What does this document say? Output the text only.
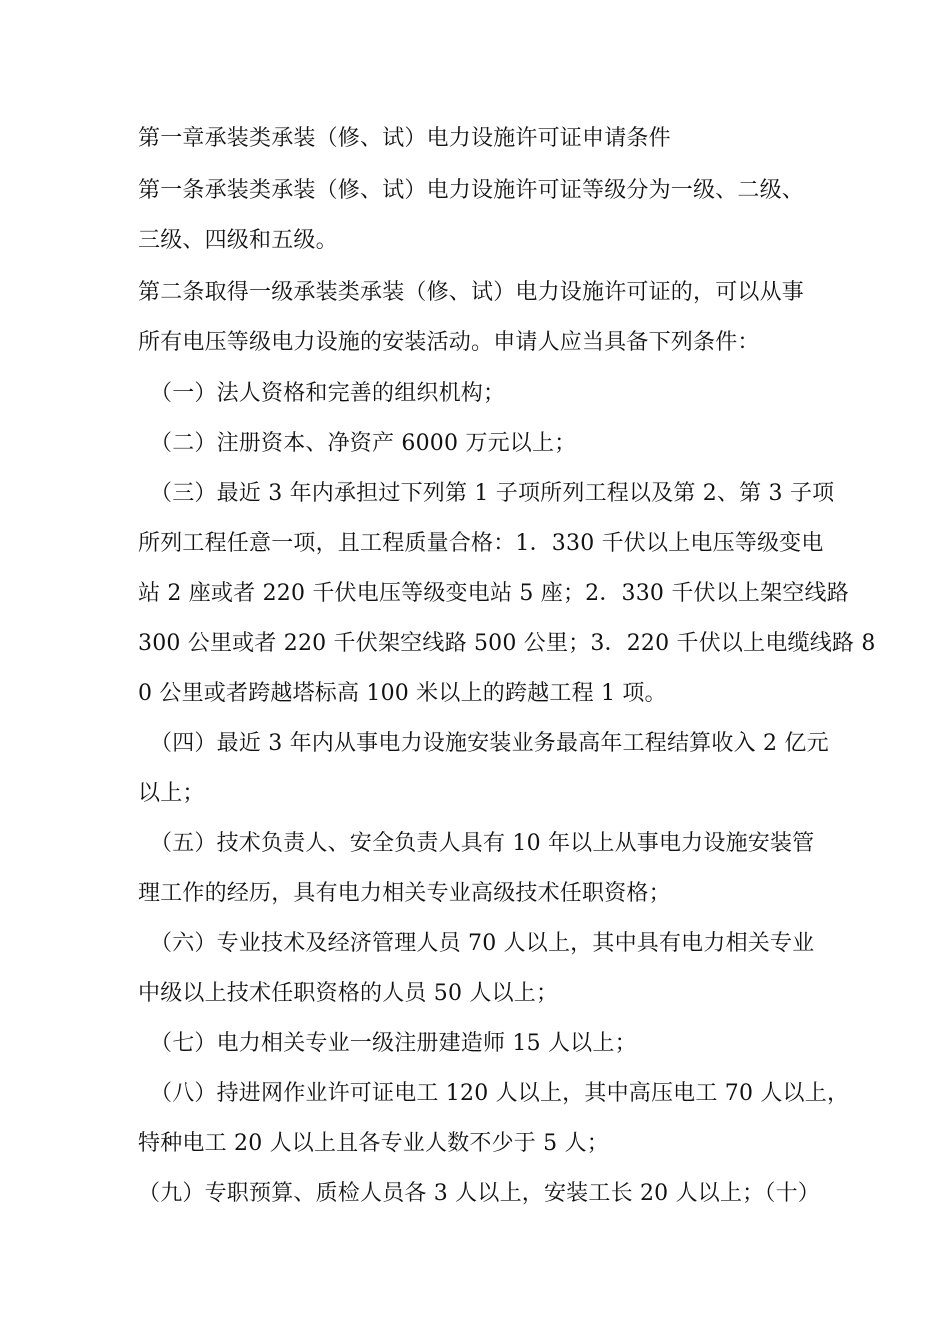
第一章承装类承装（修、试）电力设施许可证申请条件
第一条承装类承装（修、试）电力设施许可证等级分为一级、二级、
三级、四级和五级。
第二条取得一级承装类承装（修、试）电力设施许可证的，可以从事
所有电压等级电力设施的安装活动。申请人应当具备下列条件：
（一）法人资格和完善的组织机构；
（二）注册资本、净资产 6000 万元以上；
（三）最近 3 年内承担过下列第 1 子项所列工程以及第 2、第 3 子项
所列工程任意一项，且工程质量合格：1．330 千伏以上电压等级变电
站 2 座或者 220 千伏电压等级变电站 5 座；2．330 千伏以上架空线路
300 公里或者 220 千伏架空线路 500 公里；3．220 千伏以上电缆线路 8
0 公里或者跨越塔标高 100 米以上的跨越工程 1 项。
（四）最近 3 年内从事电力设施安装业务最高年工程结算收入 2 亿元
以上；
（五）技术负责人、安全负责人具有 10 年以上从事电力设施安装管
理工作的经历，具有电力相关专业高级技术任职资格；
（六）专业技术及经济管理人员 70 人以上，其中具有电力相关专业
中级以上技术任职资格的人员 50 人以上；
（七）电力相关专业一级注册建造师 15 人以上；
（八）持进网作业许可证电工 120 人以上，其中高压电工 70 人以上，
特种电工 20 人以上且各专业人数不少于 5 人；
（九）专职预算、质检人员各 3 人以上，安装工长 20 人以上；（十）
